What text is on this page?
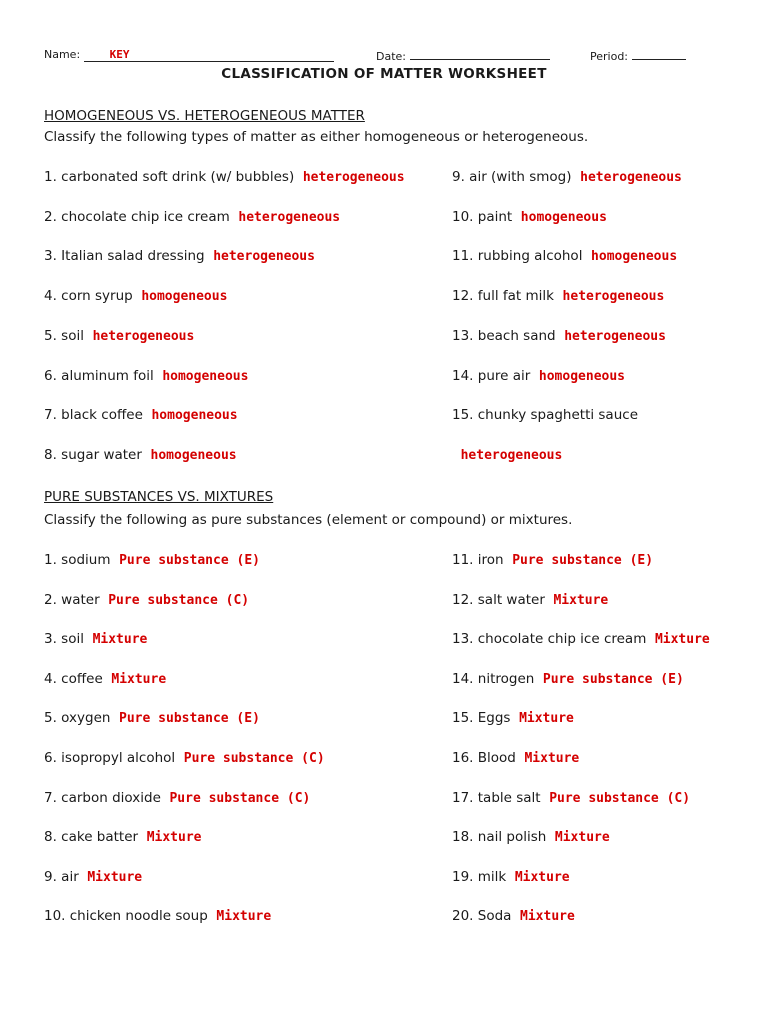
Name:	KEY	Date:	Period:
CLASSIFICATION OF MATTER WORKSHEET
HOMOGENEOUS VS. HETEROGENEOUS MATTER
Classify the following types of matter as either homogeneous or heterogeneous.
1. carbonated soft drink (w/ bubbles) heterogeneous
2. chocolate chip ice cream heterogeneous
3. Italian salad dressing heterogeneous
4. corn syrup homogeneous
5. soil heterogeneous
6. aluminum foil homogeneous
7. black coffee homogeneous
8. sugar water homogeneous
9. air (with smog) heterogeneous
10. paint homogeneous
11. rubbing alcohol homogeneous
12. full fat milk heterogeneous
13. beach sand heterogeneous
14. pure air homogeneous
15. chunky spaghetti sauce
heterogeneous
PURE SUBSTANCES VS. MIXTURES
Classify the following as pure substances (element or compound) or mixtures.
1. sodium Pure substance (E)
2. water Pure substance (C)
3. soil Mixture
4. coffee Mixture
5. oxygen Pure substance (E)
6. isopropyl alcohol Pure substance (C)
7. carbon dioxide Pure substance (C)
8. cake batter Mixture
9. air Mixture
10. chicken noodle soup Mixture
11. iron Pure substance (E)
12. salt water Mixture
13. chocolate chip ice cream Mixture
14. nitrogen Pure substance (E)
15. Eggs Mixture
16. Blood Mixture
17. table salt Pure substance (C)
18. nail polish Mixture
19. milk Mixture
20. Soda Mixture
